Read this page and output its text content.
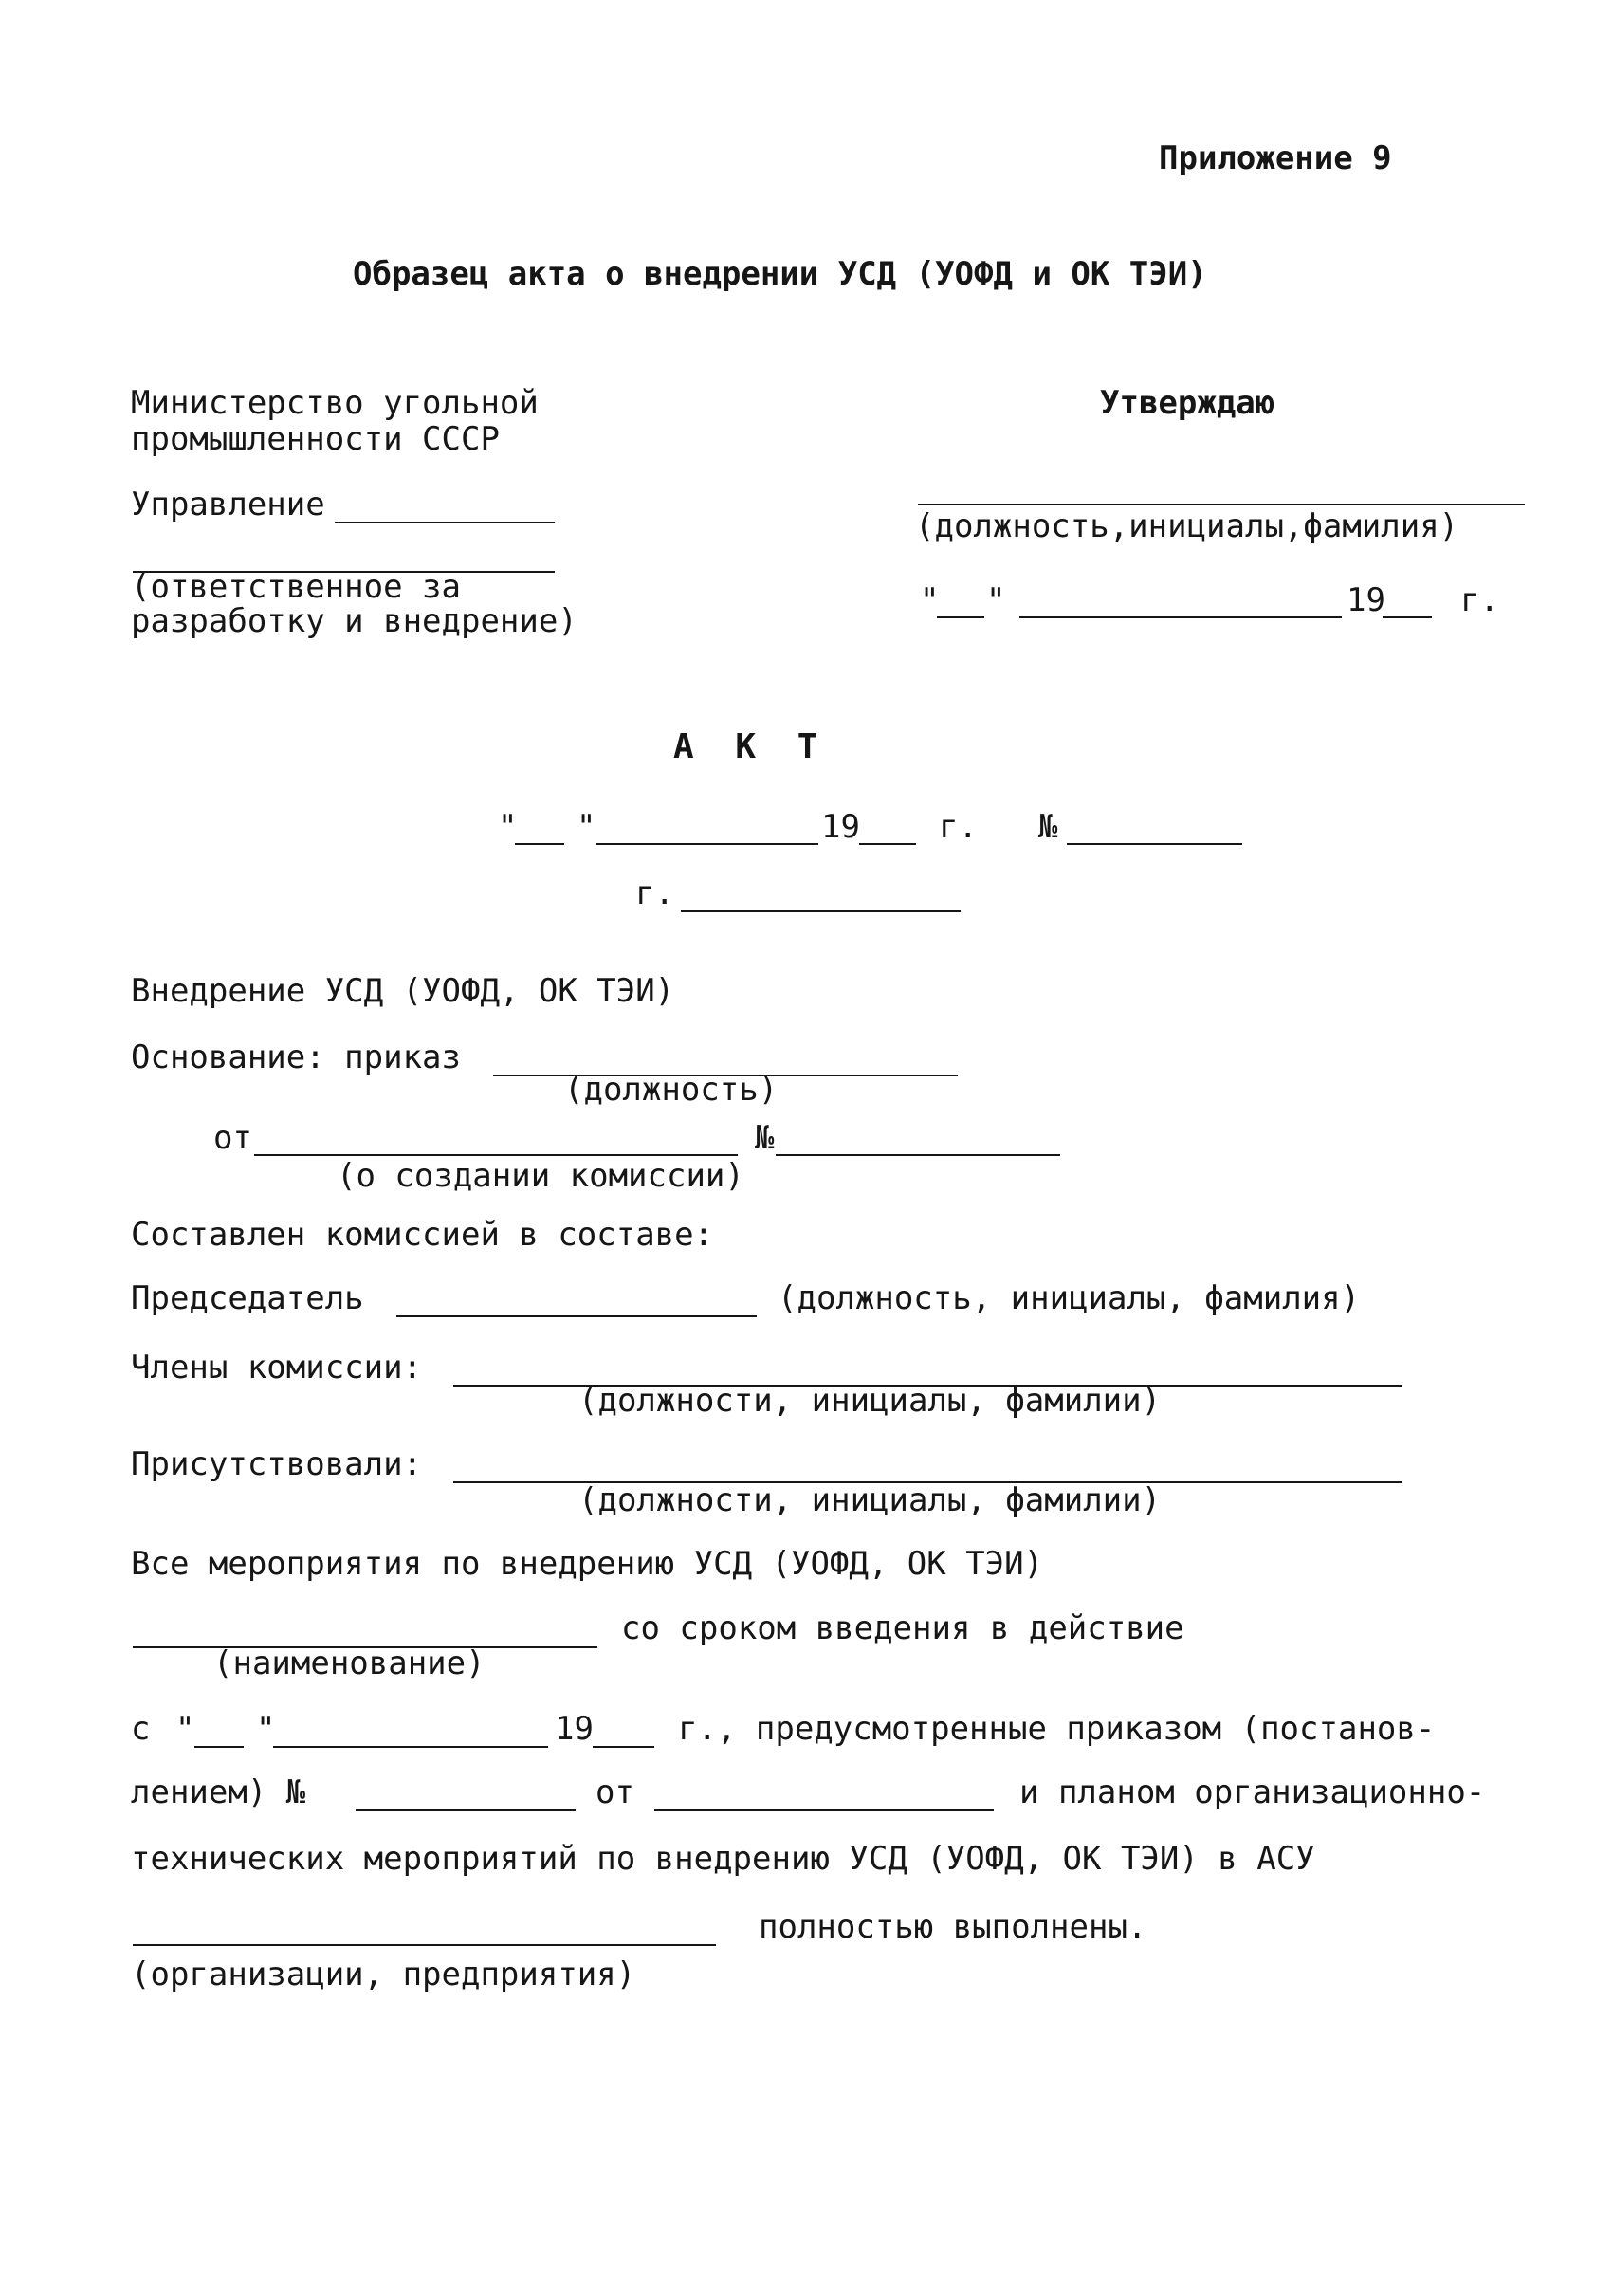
Приложение 9
Образец акта о внедрении УСД (УОФД и ОК ТЭИ)
Министерство угольной
промышленности СССР
Управление
(ответственное за
разработку и внедрение)
Утверждаю
(должность,инициалы,фамилия)
" "	19 г.
А К Т
" "	19 г. №
г.
Внедрение УСД (УОФД, ОК ТЭИ)
Основание: приказ
(должность)
от	№
(о создании комиссии)
Составлен комиссией в составе:
Председатель	(должность, инициалы, фамилия)
Члены комиссии:
(должности, инициалы, фамилии)
Присутствовали:
(должности, инициалы, фамилии)
Все мероприятия по внедрению УСД (УОФД, ОК ТЭИ)
со сроком введения в действие
(наименование)
с " "	19	г., предусмотренные приказом (постанов-
лением) №	от	и планом организационно-
технических мероприятий по внедрению УСД (УОФД, ОК ТЭИ) в АСУ
полностью выполнены.
(организации, предприятия)
